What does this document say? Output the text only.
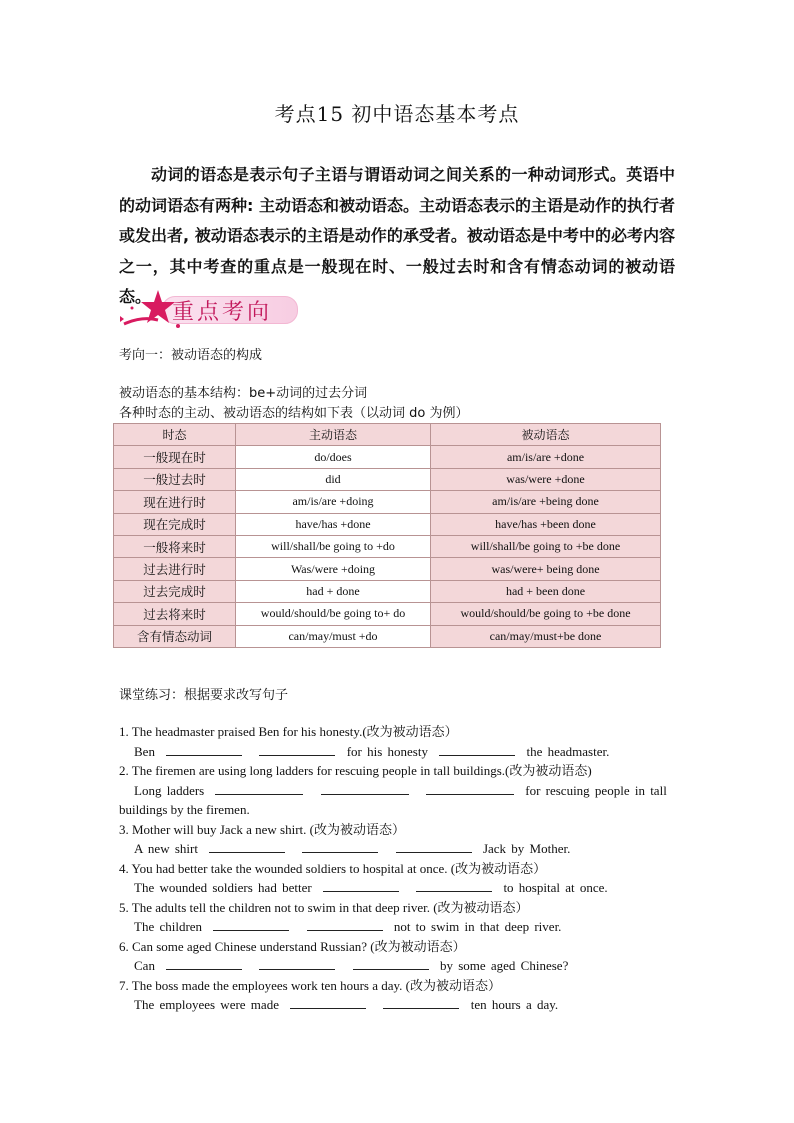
考点15 初中语态基本考点

动词的语态是表示句子主语与谓语动词之间关系的一种动词形式。英语中的动词语态有两种: 主动语态和被动语态。主动语态表示的主语是动作的执行者或发出者, 被动语态表示的主语是动作的承受者。被动语态是中考中的必考内容之一，其中考查的重点是一般现在时、一般过去时和含有情态动词的被动语态。

重点考向
考向一：被动语态的构成
被动语态的基本结构：be+动词的过去分词
各种时态的主动、被动语态的结构如下表（以动词 do 为例）
时态	主动语态	被动语态
一般现在时	do/does	am/is/are +done
一般过去时	did	was/were +done
现在进行时	am/is/are +doing	am/is/are +being done
现在完成时	have/has +done	have/has +been done
一般将来时	will/shall/be going to +do	will/shall/be going to +be done
过去进行时	Was/were +doing	was/were+ being done
过去完成时	had + done	had + been done
过去将来时	would/should/be going to+ do	would/should/be going to +be done
含有情态动词	can/may/must +do	can/may/must+be done
课堂练习：根据要求改写句子

1. The headmaster praised Ben for his honesty.(改为被动语态）

Ben	for his honesty	the headmaster.

2. The firemen are using long ladders for rescuing people in tall buildings.(改为被动语态)

Long ladders	for rescuing people in tall

buildings by the firemen.

3. Mother will buy Jack a new shirt. (改为被动语态）

A new shirt	Jack by Mother.

4. You had better take the wounded soldiers to hospital at once. (改为被动语态）

The wounded soldiers had better	to hospital at once.

5. The adults tell the children not to swim in that deep river. (改为被动语态）

The children	not to swim in that deep river.

6. Can some aged Chinese understand Russian? (改为被动语态）

Can	by some aged Chinese?

7. The boss made the employees work ten hours a day. (改为被动语态）

The employees were made	ten hours a day.
